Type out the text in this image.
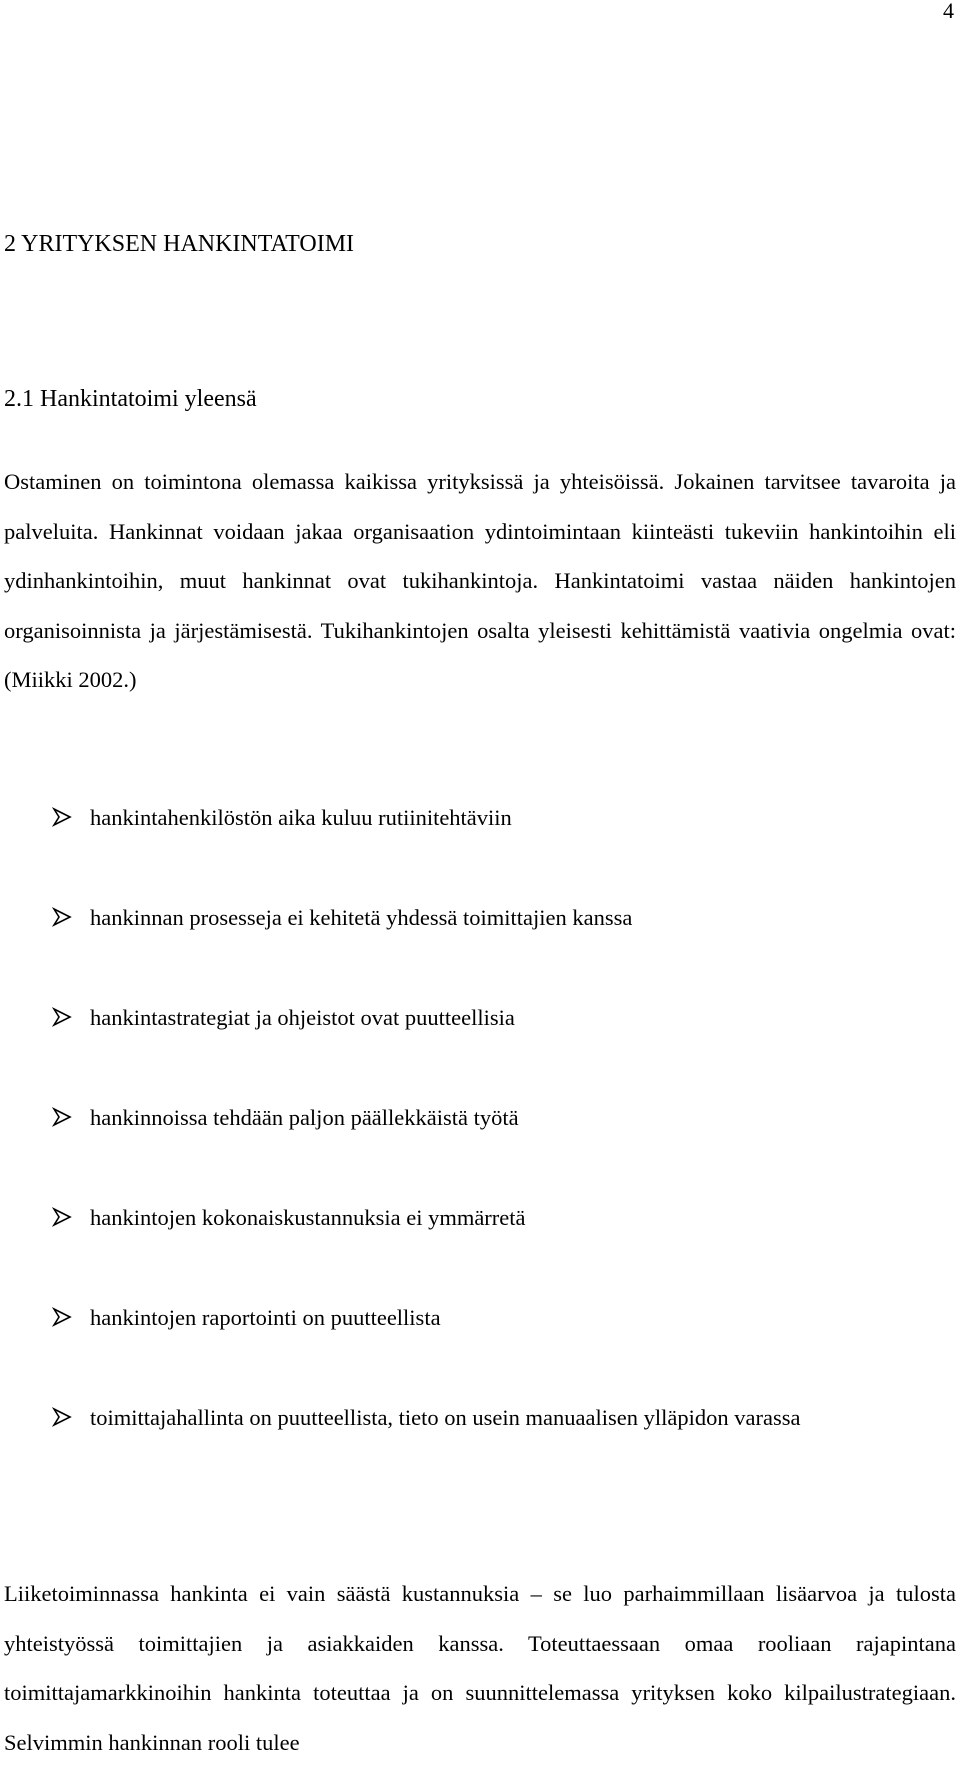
4
2 YRITYKSEN HANKINTATOIMI
2.1 Hankintatoimi yleensä

Ostaminen on toimintona olemassa kaikissa yrityksissä ja yhteisöissä. Jokainen tarvitsee tavaroita ja palveluita. Hankinnat voidaan jakaa organisaation ydintoimintaan kiinteästi tukeviin hankintoihin eli ydinhankintoihin, muut hankinnat ovat tukihankintoja. Hankintatoimi vastaa näiden hankintojen organisoinnista ja järjestämisestä. Tukihankintojen osalta yleisesti kehittämistä vaativia ongelmia ovat: (Miikki 2002.)

hankintahenkilöstön aika kuluu rutiinitehtäviin
hankinnan prosesseja ei kehitetä yhdessä toimittajien kanssa
hankintastrategiat ja ohjeistot ovat puutteellisia
hankinnoissa tehdään paljon päällekkäistä työtä
hankintojen kokonaiskustannuksia ei ymmärretä
hankintojen raportointi on puutteellista
toimittajahallinta on puutteellista, tieto on usein manuaalisen ylläpidon varassa

Liiketoiminnassa hankinta ei vain säästä kustannuksia – se luo parhaimmillaan lisäarvoa ja tulosta yhteistyössä toimittajien ja asiakkaiden kanssa. Toteuttaessaan omaa rooliaan rajapintana toimittajamarkkinoihin hankinta toteuttaa ja on suunnittelemassa yrityksen koko kilpailustrategiaan. Selvimmin hankinnan rooli tulee
